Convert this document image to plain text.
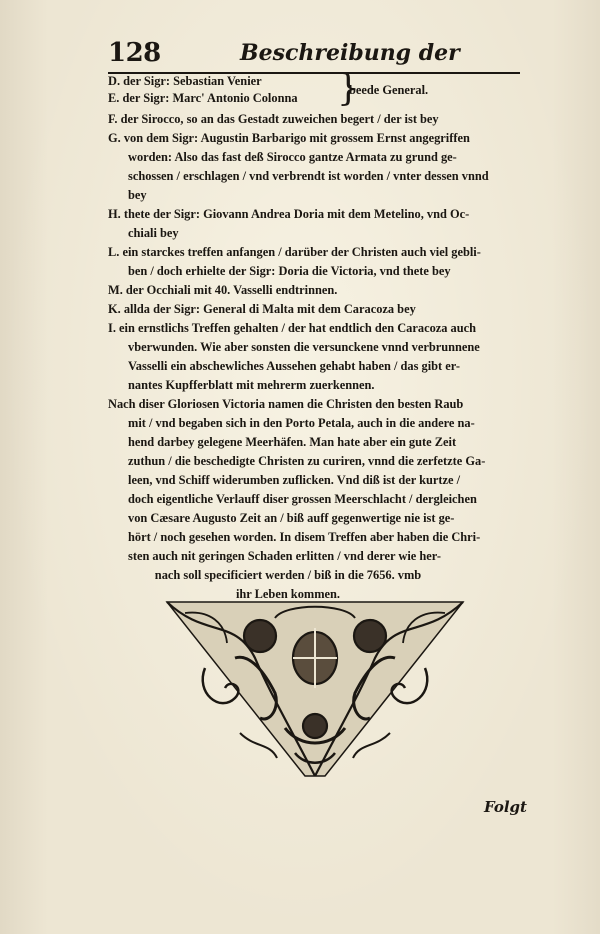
128	Beschreibung der
D. der Sigr: Sebastian Venier
E. der Sigr: Marc' Antonio Colonna }
beede General.
F. der Sirocco, so an das Gestadt zuweichen begert / der ist bey
G. von dem Sigr: Augustin Barbarigo mit grossem Ernst angegriffen
worden: Also das fast deß Sirocco gantze Armata zu grund ge-
schossen / erschlagen / vnd verbrendt ist worden / vnter dessen vnnd
bey
H. thete der Sigr: Giovann Andrea Doria mit dem Metelino, vnd Oc-
chiali bey
L. ein starckes treffen anfangen / darüber der Christen auch viel gebli-
ben / doch erhielte der Sigr: Doria die Victoria, vnd thete bey
M. der Occhiali mit 40. Vasselli endtrinnen.
K. allda der Sigr: General di Malta mit dem Caracoza bey
I. ein ernstlichs Treffen gehalten / der hat endtlich den Caracoza auch
vberwunden. Wie aber sonsten die versunckene vnnd verbrunnene
Vasselli ein abschewliches Aussehen gehabt haben / das gibt er-
nantes Kupfferblatt mit mehrerm zuerkennen.
Nach diser Gloriosen Victoria namen die Christen den besten Raub
mit / vnd begaben sich in den Porto Petala, auch in die andere na-
hend darbey gelegene Meerhäfen. Man hate aber ein gute Zeit
zuthun / die beschedigte Christen zu curiren, vnnd die zerfetzte Ga-
leen, vnd Schiff widerumben zuflicken. Vnd diß ist der kurtze /
doch eigentliche Verlauff diser grossen Meerschlacht / dergleichen
von Cæsare Augusto Zeit an / biß auff gegenwertige nie ist ge-
hört / noch gesehen worden. In disem Treffen aber haben die Chri-
sten auch nit geringen Schaden erlitten / vnd derer wie her-
nach soll specificiert werden / biß in die 7656. vmb
ihr Leben kommen.
Folgt
